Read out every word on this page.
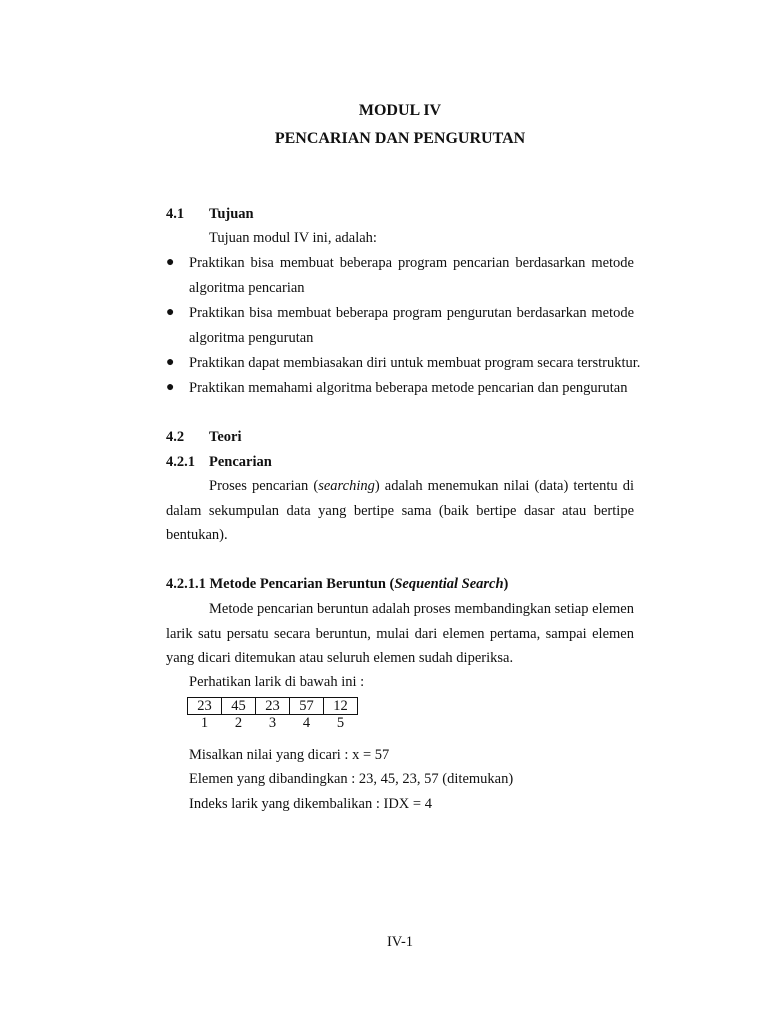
MODUL IV
PENCARIAN DAN PENGURUTAN
4.1 Tujuan
Tujuan modul IV ini, adalah:
● Praktikan bisa membuat beberapa program pencarian berdasarkan metode
algoritma pencarian
● Praktikan bisa membuat beberapa program pengurutan berdasarkan metode
algoritma pengurutan
● Praktikan dapat membiasakan diri untuk membuat program secara terstruktur.
● Praktikan memahami algoritma beberapa metode pencarian dan pengurutan
4.2 Teori
4.2.1 Pencarian
Proses pencarian (searching) adalah menemukan nilai (data) tertentu di
dalam sekumpulan data yang bertipe sama (baik bertipe dasar atau bertipe
bentukan).
4.2.1.1 Metode Pencarian Beruntun (Sequential Search)
Metode pencarian beruntun adalah proses membandingkan setiap elemen
larik satu persatu secara beruntun, mulai dari elemen pertama, sampai elemen
yang dicari ditemukan atau seluruh elemen sudah diperiksa.
Perhatikan larik di bawah ini :
23	45	23	57	12
1	2	3	4	5
Misalkan nilai yang dicari : x = 57
Elemen yang dibandingkan : 23, 45, 23, 57 (ditemukan)
Indeks larik yang dikembalikan : IDX = 4
IV-1
